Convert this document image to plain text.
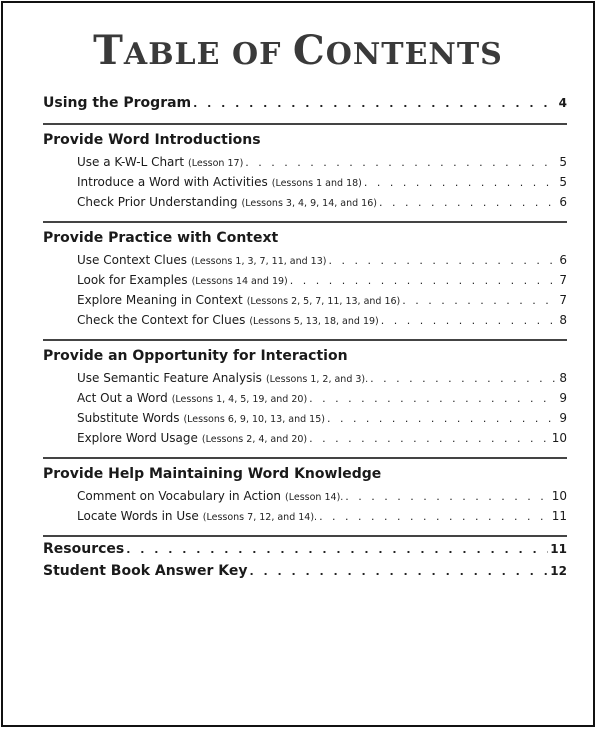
TABLE OF CONTENTS
Using the Program . . .	4
Provide Word Introductions
Use a K-W-L Chart (Lesson 17) . . .	5
Introduce a Word with Activities (Lessons 1 and 18) . . .	5
Check Prior Understanding (Lessons 3, 4, 9, 14, and 16) . . .	6
Provide Practice with Context
Use Context Clues (Lessons 1, 3, 7, 11, and 13) . . .	6
Look for Examples (Lessons 14 and 19) . . .	7
Explore Meaning in Context (Lessons 2, 5, 7, 11, 13, and 16) . . .	7
Check the Context for Clues (Lessons 5, 13, 18, and 19) . . .	8
Provide an Opportunity for Interaction
Use Semantic Feature Analysis (Lessons 1, 2, and 3). . . .	8
Act Out a Word (Lessons 1, 4, 5, 19, and 20) . . .	9
Substitute Words (Lessons 6, 9, 10, 13, and 15) . . .	9
Explore Word Usage (Lessons 2, 4, and 20) . . .	10
Provide Help Maintaining Word Knowledge
Comment on Vocabulary in Action (Lesson 14). . . .	10
Locate Words in Use (Lessons 7, 12, and 14). . . .	11
Resources . . .	11
Student Book Answer Key . . .	12
